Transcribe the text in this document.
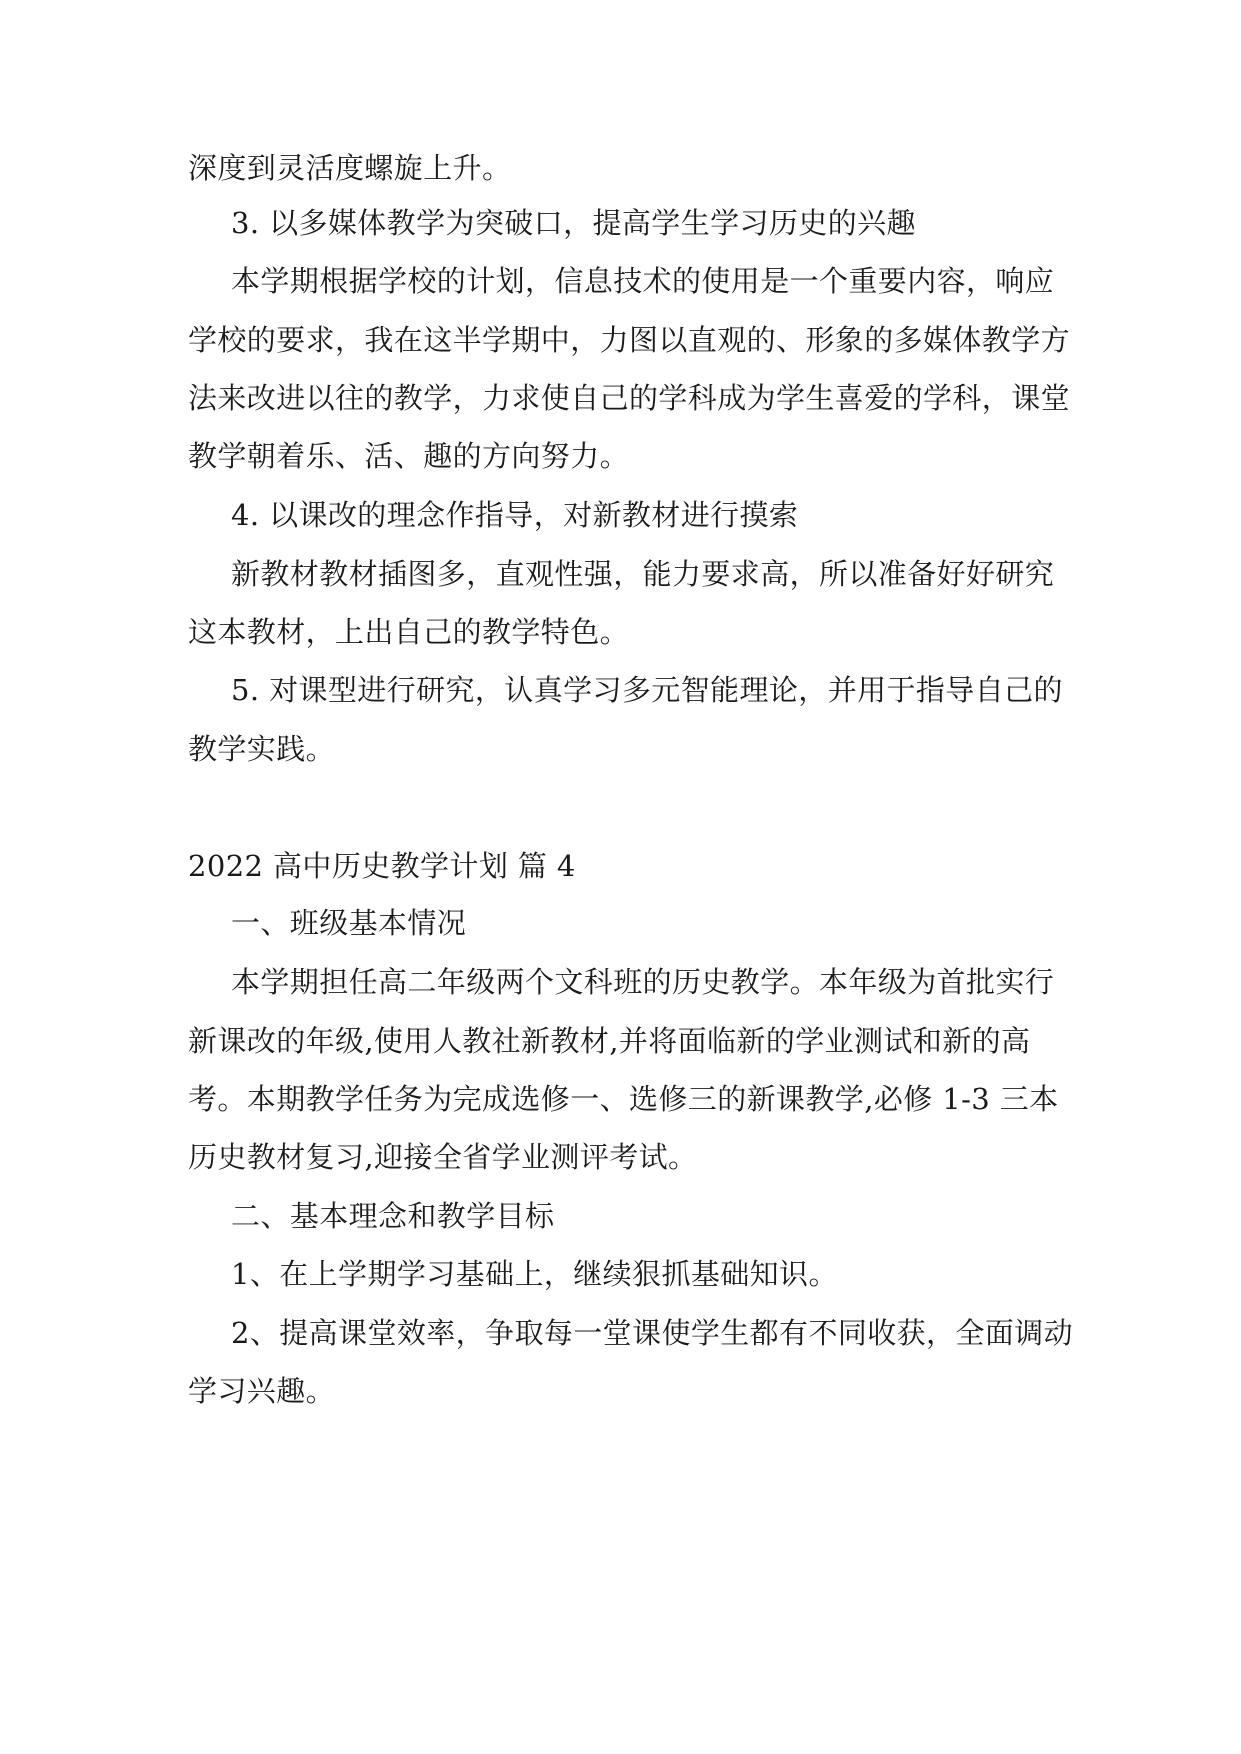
深度到灵活度螺旋上升。
3. 以多媒体教学为突破口，提高学生学习历史的兴趣
本学期根据学校的计划，信息技术的使用是一个重要内容，响应
学校的要求，我在这半学期中，力图以直观的、形象的多媒体教学方
法来改进以往的教学，力求使自己的学科成为学生喜爱的学科，课堂
教学朝着乐、活、趣的方向努力。
4. 以课改的理念作指导，对新教材进行摸索
新教材教材插图多，直观性强，能力要求高，所以准备好好研究
这本教材，上出自己的教学特色。
5. 对课型进行研究，认真学习多元智能理论，并用于指导自己的
教学实践。
2022 高中历史教学计划 篇 4
一、班级基本情况
本学期担任高二年级两个文科班的历史教学。本年级为首批实行
新课改的年级,使用人教社新教材,并将面临新的学业测试和新的高
考。本期教学任务为完成选修一、选修三的新课教学,必修 1-3 三本
历史教材复习,迎接全省学业测评考试。
二、基本理念和教学目标
1、在上学期学习基础上，继续狠抓基础知识。
2、提高课堂效率，争取每一堂课使学生都有不同收获，全面调动
学习兴趣。
